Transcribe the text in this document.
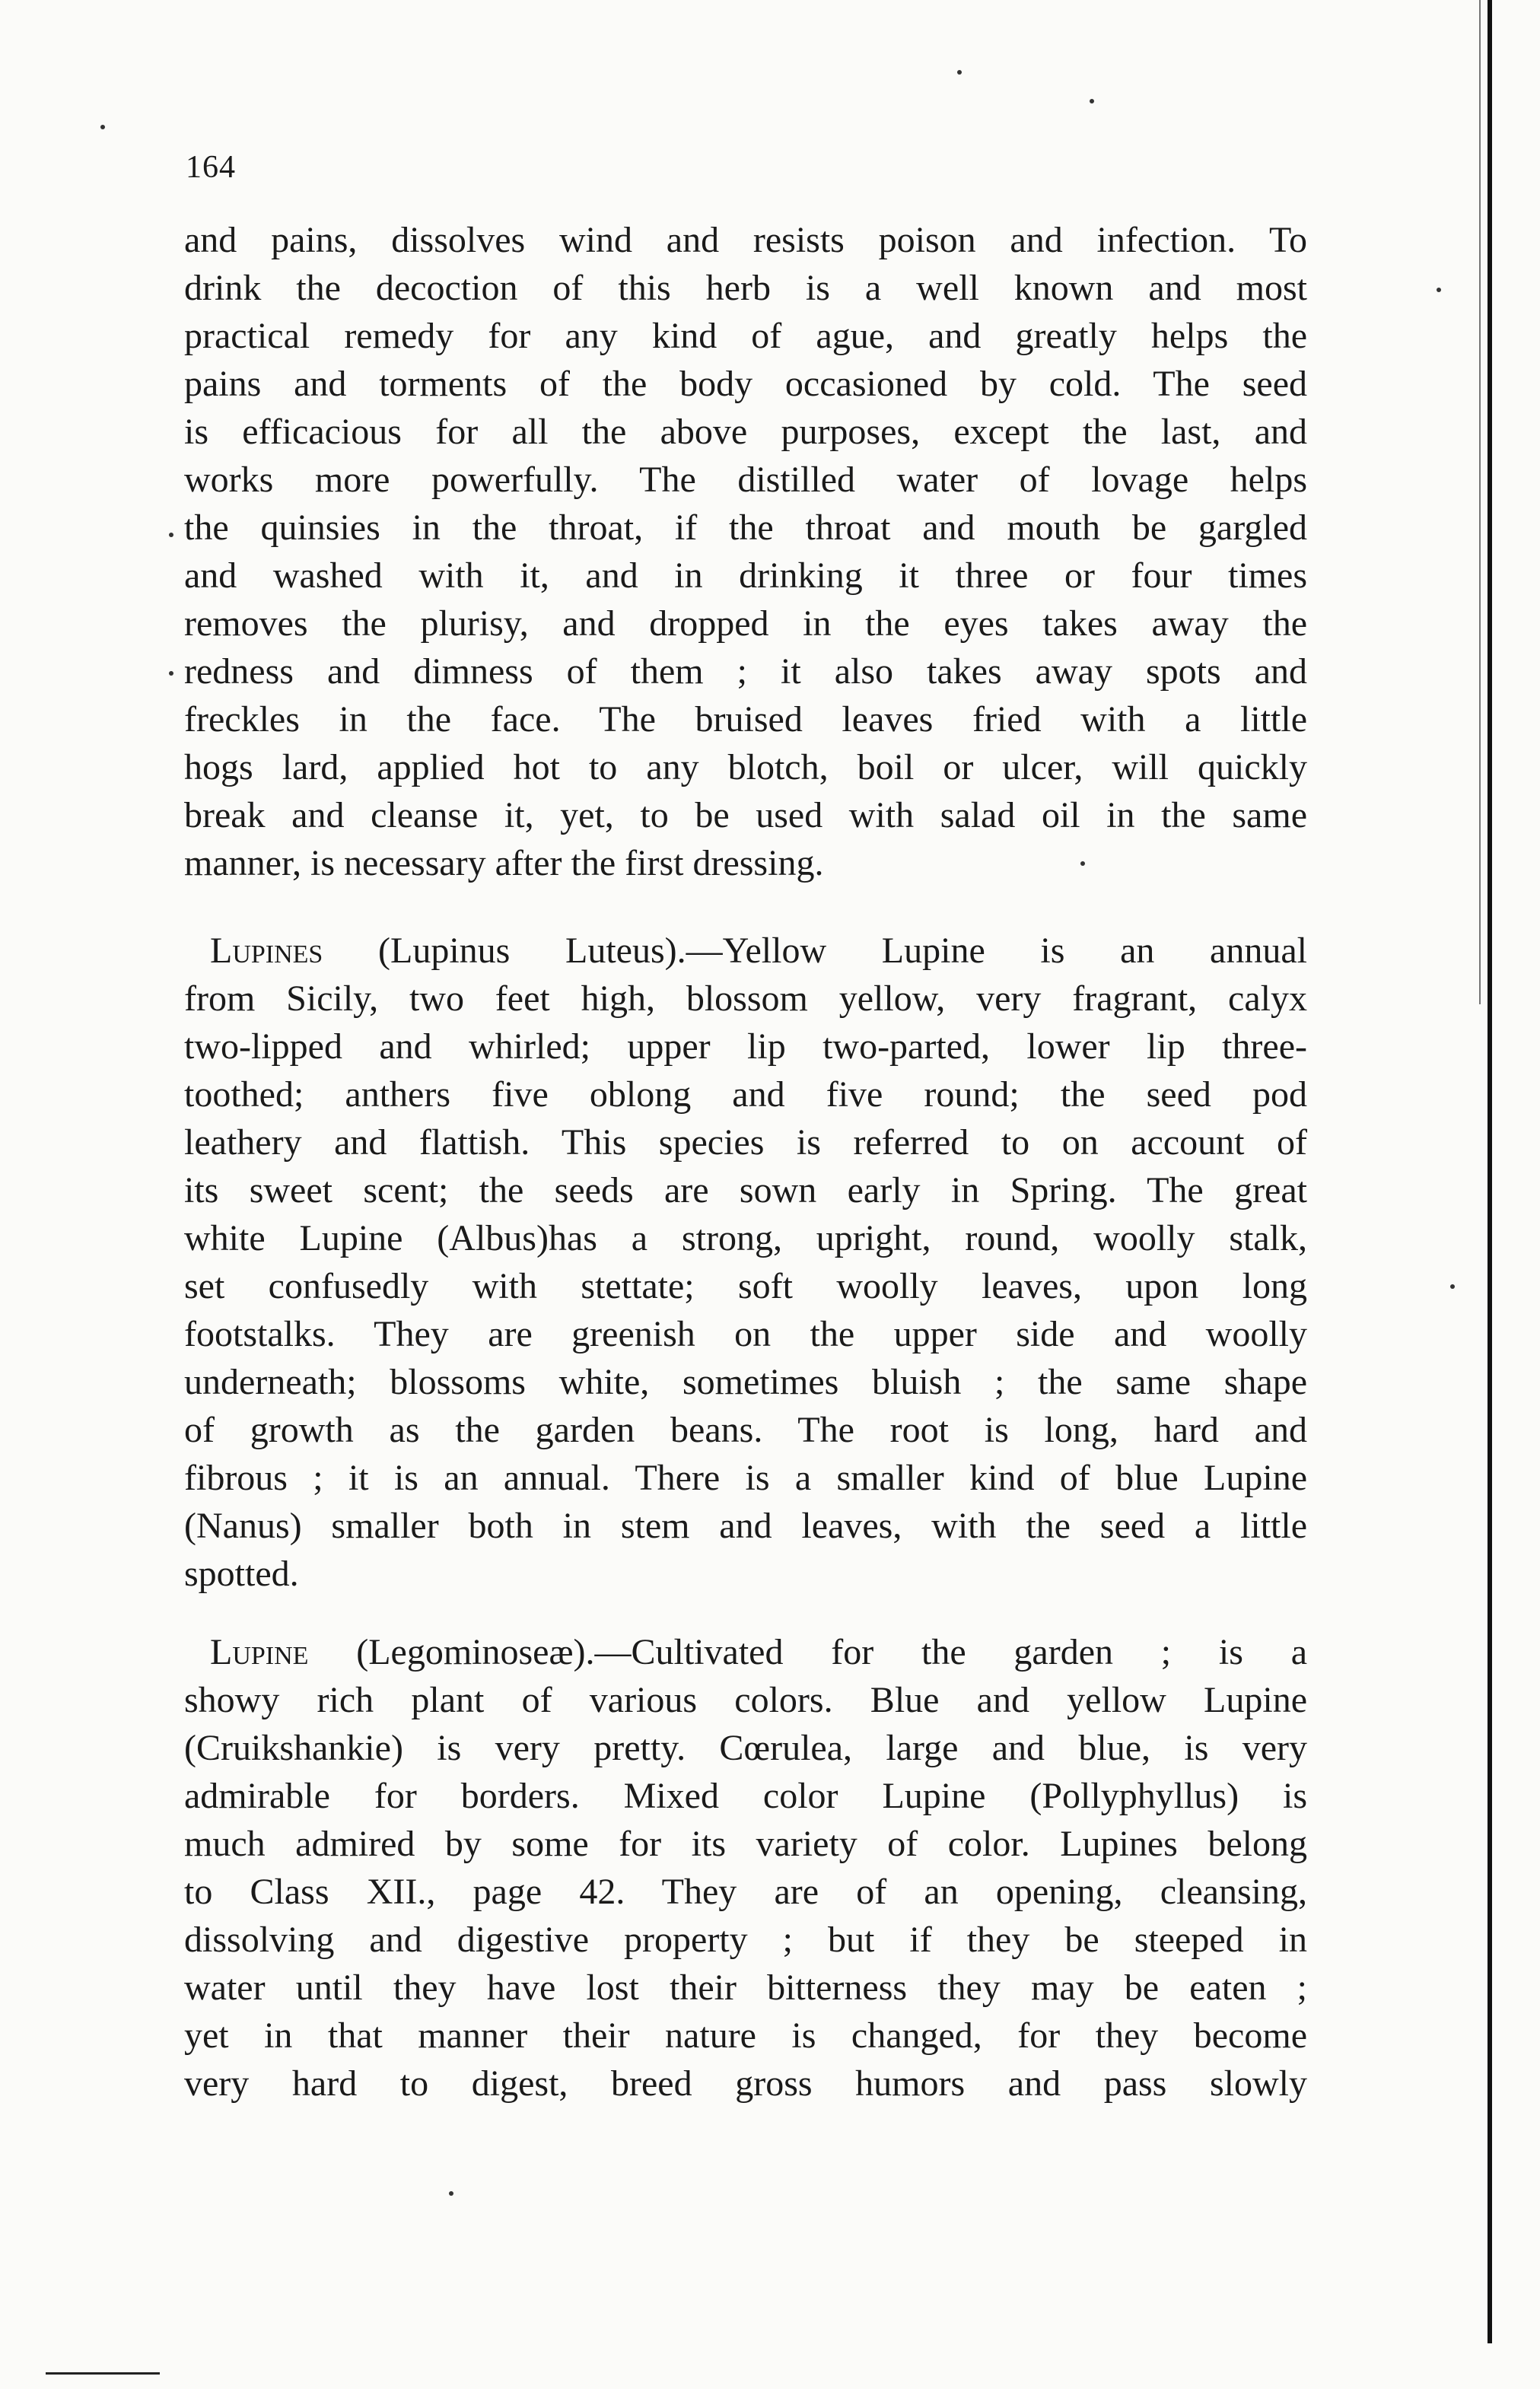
164
and pains, dissolves wind and resists poison and infection. To
drink the decoction of this herb is a well known and most
practical remedy for any kind of ague, and greatly helps the
pains and torments of the body occasioned by cold. The seed
is efficacious for all the above purposes, except the last, and
works more powerfully. The distilled water of lovage helps
the quinsies in the throat, if the throat and mouth be gargled
and washed with it, and in drinking it three or four times
removes the plurisy, and dropped in the eyes takes away the
redness and dimness of them ; it also takes away spots and
freckles in the face. The bruised leaves fried with a little
hogs lard, applied hot to any blotch, boil or ulcer, will quickly
break and cleanse it, yet, to be used with salad oil in the same
manner, is necessary after the first dressing.
Lupines (Lupinus Luteus).—Yellow Lupine is an annual
from Sicily, two feet high, blossom yellow, very fragrant, calyx
two-lipped and whirled; upper lip two-parted, lower lip three-
toothed; anthers five oblong and five round; the seed pod
leathery and flattish. This species is referred to on account of
its sweet scent; the seeds are sown early in Spring. The great
white Lupine (Albus)has a strong, upright, round, woolly stalk,
set confusedly with stettate; soft woolly leaves, upon long
footstalks. They are greenish on the upper side and woolly
underneath; blossoms white, sometimes bluish ; the same shape
of growth as the garden beans. The root is long, hard and
fibrous ; it is an annual. There is a smaller kind of blue Lupine
(Nanus) smaller both in stem and leaves, with the seed a little
spotted.
Lupine (Legominoseæ).—Cultivated for the garden ; is a
showy rich plant of various colors. Blue and yellow Lupine
(Cruikshankie) is very pretty. Cœrulea, large and blue, is very
admirable for borders. Mixed color Lupine (Pollyphyllus) is
much admired by some for its variety of color. Lupines belong
to Class XII., page 42. They are of an opening, cleansing,
dissolving and digestive property ; but if they be steeped in
water until they have lost their bitterness they may be eaten ;
yet in that manner their nature is changed, for they become
very hard to digest, breed gross humors and pass slowly
